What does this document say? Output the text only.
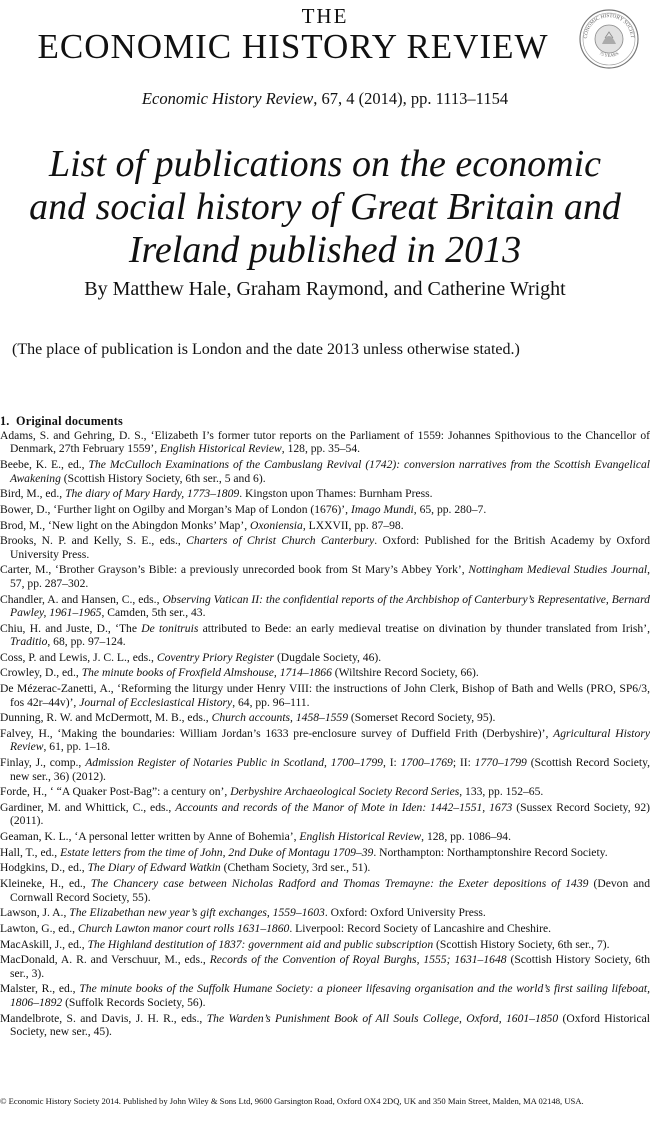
THE
ECONOMIC HISTORY REVIEW	CONOMIC HISTORY SOCIET
75 YEARS
Economic History Review, 67, 4 (2014), pp. 1113–1154
List of publications on the economic
and social history of Great Britain and
Ireland published in 2013
By Matthew Hale, Graham Raymond, and Catherine Wright
(The place of publication is London and the date 2013 unless otherwise stated.)
1. Original documents
Adams, S. and Gehring, D. S., ‘Elizabeth I’s former tutor reports on the Parliament of 1559: Johannes Spithovious to the Chancellor of Denmark, 27th February 1559’, English Historical Review, 128, pp. 35–54.
Beebe, K. E., ed., The McCulloch Examinations of the Cambuslang Revival (1742): conversion narratives from the Scottish Evangelical Awakening (Scottish History Society, 6th ser., 5 and 6).
Bird, M., ed., The diary of Mary Hardy, 1773–1809. Kingston upon Thames: Burnham Press.
Bower, D., ‘Further light on Ogilby and Morgan’s Map of London (1676)’, Imago Mundi, 65, pp. 280–7.
Brod, M., ‘New light on the Abingdon Monks’ Map’, Oxoniensia, LXXVII, pp. 87–98.
Brooks, N. P. and Kelly, S. E., eds., Charters of Christ Church Canterbury. Oxford: Published for the British Academy by Oxford University Press.
Carter, M., ‘Brother Grayson’s Bible: a previously unrecorded book from St Mary’s Abbey York’, Nottingham Medieval Studies Journal, 57, pp. 287–302.
Chandler, A. and Hansen, C., eds., Observing Vatican II: the confidential reports of the Archbishop of Canterbury’s Representative, Bernard Pawley, 1961–1965, Camden, 5th ser., 43.
Chiu, H. and Juste, D., ‘The De tonitruis attributed to Bede: an early medieval treatise on divination by thunder translated from Irish’, Traditio, 68, pp. 97–124.
Coss, P. and Lewis, J. C. L., eds., Coventry Priory Register (Dugdale Society, 46).
Crowley, D., ed., The minute books of Froxfield Almshouse, 1714–1866 (Wiltshire Record Society, 66).
De Mézerac-Zanetti, A., ‘Reforming the liturgy under Henry VIII: the instructions of John Clerk, Bishop of Bath and Wells (PRO, SP6/3, fos 42r–44v)’, Journal of Ecclesiastical History, 64, pp. 96–111.
Dunning, R. W. and McDermott, M. B., eds., Church accounts, 1458–1559 (Somerset Record Society, 95).
Falvey, H., ‘Making the boundaries: William Jordan’s 1633 pre-enclosure survey of Duffield Frith (Derbyshire)’, Agricultural History Review, 61, pp. 1–18.
Finlay, J., comp., Admission Register of Notaries Public in Scotland, 1700–1799, I: 1700–1769; II: 1770–1799 (Scottish Record Society, new ser., 36) (2012).
Forde, H., ‘ “A Quaker Post-Bag”: a century on’, Derbyshire Archaeological Society Record Series, 133, pp. 152–65.
Gardiner, M. and Whittick, C., eds., Accounts and records of the Manor of Mote in Iden: 1442–1551, 1673 (Sussex Record Society, 92) (2011).
Geaman, K. L., ‘A personal letter written by Anne of Bohemia’, English Historical Review, 128, pp. 1086–94.
Hall, T., ed., Estate letters from the time of John, 2nd Duke of Montagu 1709–39. Northampton: Northamptonshire Record Society.
Hodgkins, D., ed., The Diary of Edward Watkin (Chetham Society, 3rd ser., 51).
Kleineke, H., ed., The Chancery case between Nicholas Radford and Thomas Tremayne: the Exeter depositions of 1439 (Devon and Cornwall Record Society, 55).
Lawson, J. A., The Elizabethan new year’s gift exchanges, 1559–1603. Oxford: Oxford University Press.
Lawton, G., ed., Church Lawton manor court rolls 1631–1860. Liverpool: Record Society of Lancashire and Cheshire.
MacAskill, J., ed., The Highland destitution of 1837: government aid and public subscription (Scottish History Society, 6th ser., 7).
MacDonald, A. R. and Verschuur, M., eds., Records of the Convention of Royal Burghs, 1555; 1631–1648 (Scottish History Society, 6th ser., 3).
Malster, R., ed., The minute books of the Suffolk Humane Society: a pioneer lifesaving organisation and the world’s first sailing lifeboat, 1806–1892 (Suffolk Records Society, 56).
Mandelbrote, S. and Davis, J. H. R., eds., The Warden’s Punishment Book of All Souls College, Oxford, 1601–1850 (Oxford Historical Society, new ser., 45).
© Economic History Society 2014. Published by John Wiley & Sons Ltd, 9600 Garsington Road, Oxford OX4 2DQ, UK and 350 Main Street, Malden, MA 02148, USA.
